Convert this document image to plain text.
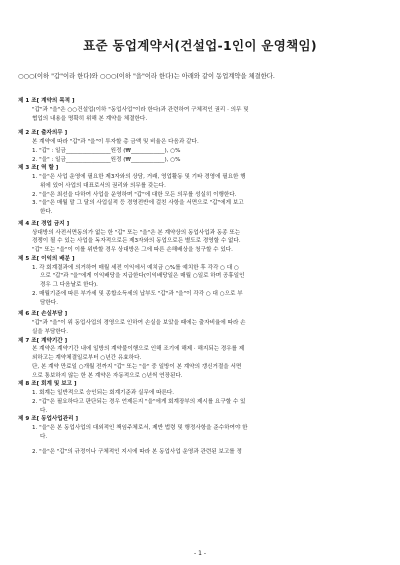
표준 동업계약서(건설업-1인이 운영책임)
○○○(이하 "갑"이라 한다)와 ○○○(이하 "을"이라 한다)는 아래와 같이 동업계약을 체결한다.
제 1 조[ 계약의 목적 ]
"갑"과 "을"은 ○○건설업(이하 "동업사업"이라 한다)과 관련하여 구체적인 권리 · 의무 및
협업의 내용을 명확히 위해 본 계약을 체결한다.
제 2 조[ 출자의무 ]
본 계약에 따라 "갑"과 "을"이 투자할 총 금액 및 비율은 다음과 같다.
1. "갑" : 일금________________원정 (₩____________), ○%
2. "을" : 일금________________원정 (₩____________), ○%
제 3 조[ 역 할 ]
1. "을"은 사업 운영에 필요한 제3자와의 상담, 거래, 영업활동 및 기타 경영에 필요한 행
위에 있어 사업의 대표로서의 권리와 의무를 갖는다.
2. "을"은 최선을 다하여 사업을 운영하며 "갑"에 대한 모든 의무를 성실히 이행한다.
3. "을"은 매월 말 그 달의 사업실적 등 경영전반에 걸친 사항을 서면으로 "갑"에게 보고
한다.
제 4 조[ 경업 금지 ]
상대방의 사전서면동의가 없는 한 "갑" 또는 "을"은 본 계약상의 동업사업과 동종 또는
경쟁이 될 수 있는 사업을 독자적으로든 제3자와의 동업으로든 별도로 경영할 수 없다.
"갑" 또는 "을"이 이를 위반할 경우 상대방은 그에 따른 손해배상을 청구할 수 있다.
제 5 조[ 이익의 배분 ]
1. 각 회계결과에 의거하여 매월 세전 이익에서 예치금 ○%를 예치한 후 각각 ○ 대 ○
으로 "갑"과 "을"에게 이익배당을 지급한다(이익배당일은 매월 ○일로 하며 공휴일인
경우 그 다음날로 한다).
2. 매월기준에 따른 부가세 및 종합소득세의 납부도 "갑"과 "을"이 각각 ○ 대 ○으로 부
담한다.
제 6 조[ 손실부담 ]
"갑"과 "을"이 위 동업사업의 경영으로 인하여 손실을 보았을 때에는 출자비율에 따라 손
실을 부담한다.
제 7 조[ 계약기간 ]
본 계약은 계약기간 내에 일방의 계약불이행으로 인해 조기에 해제 · 해지되는 경우를 제
외하고는 계약체결일로부터 ○년간 유효하다.
단, 본 계약 만료일 ○개월 전까지 "갑" 또는 "을" 중 일방이 본 계약의 갱신거절을 서면
으로 통보하지 않는 한 본 계약은 자동적으로 ○년씩 연장된다.
제 8 조[ 회계 및 보고 ]
1. 회계는 일반적으로 승인되는 회계기준과 실무에 따른다.
2. "갑"은 필요하다고 판단되는 경우 언제든지 "을"에게 회계장부의 제시를 요구할 수 있
다.
제 9 조[ 동업사업관리 ]
1. "을"은 본 동업사업의 대외적인 책임주체로서, 제반 법령 및 행정사항을 준수하여야 한
다.
2. "을"은 "갑"의 규정이나 구체적인 지시에 따라 본 동업사업 운영과 관련된 보고를 정
- 1 -
